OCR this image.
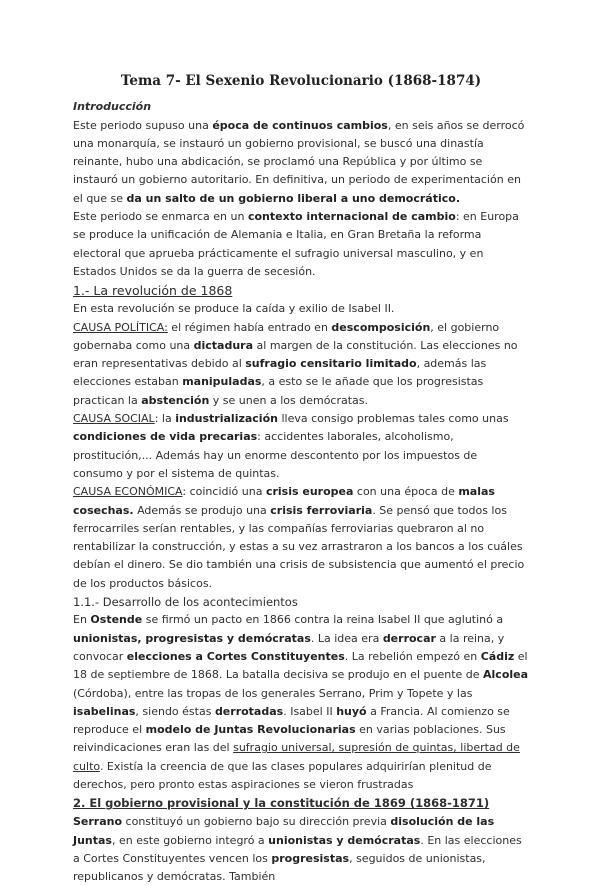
Tema 7- El Sexenio Revolucionario (1868-1874)
Introducción

Este periodo supuso una época de continuos cambios, en seis años se derrocó una monarquía, se instauró un gobierno provisional, se buscó una dinastía reinante, hubo una abdicación, se proclamó una República y por último se instauró un gobierno autoritario. En definitiva, un periodo de experimentación en el que se da un salto de un gobierno liberal a uno democrático.

Este periodo se enmarca en un contexto internacional de cambio: en Europa se produce la unificación de Alemania e Italia, en Gran Bretaña la reforma electoral que aprueba prácticamente el sufragio universal masculino, y en Estados Unidos se da la guerra de secesión.

1.- La revolución de 1868

En esta revolución se produce la caída y exilio de Isabel II.

CAUSA POLÍTICA: el régimen había entrado en descomposición, el gobierno gobernaba como una dictadura al margen de la constitución. Las elecciones no eran representativas debido al sufragio censitario limitado, además las elecciones estaban manipuladas, a esto se le añade que los progresistas practican la abstención y se unen a los demócratas.

CAUSA SOCIAL: la industrialización lleva consigo problemas tales como unas condiciones de vida precarias: accidentes laborales, alcoholismo, prostitución,... Además hay un enorme descontento por los impuestos de consumo y por el sistema de quintas.

CAUSA ECONÓMICA: coincidió una crisis europea con una época de malas cosechas. Además se produjo una crisis ferroviaria. Se pensó que todos los ferrocarriles serían rentables, y las compañías ferroviarias quebraron al no rentabilizar la construcción, y estas a su vez arrastraron a los bancos a los cuáles debían el dinero. Se dio también una crisis de subsistencia que aumentó el precio de los productos básicos.

1.1.- Desarrollo de los acontecimientos

En Ostende se firmó un pacto en 1866 contra la reina Isabel II que aglutinó a unionistas, progresistas y demócratas. La idea era derrocar a la reina, y convocar elecciones a Cortes Constituyentes. La rebelión empezó en Cádiz el 18 de septiembre de 1868. La batalla decisiva se produjo en el puente de Alcolea (Córdoba), entre las tropas de los generales Serrano, Prim y Topete y las isabelinas, siendo éstas derrotadas. Isabel II huyó a Francia. Al comienzo se reproduce el modelo de Juntas Revolucionarias en varias poblaciones. Sus reivindicaciones eran las del sufragio universal, supresión de quintas, libertad de culto. Existía la creencia de que las clases populares adquirirían plenitud de derechos, pero pronto estas aspiraciones se vieron frustradas

2. El gobierno provisional y la constitución de 1869 (1868-1871)

Serrano constituyó un gobierno bajo su dirección previa disolución de las Juntas, en este gobierno integró a unionistas y demócratas. En las elecciones a Cortes Constituyentes vencen los progresistas, seguidos de unionistas, republicanos y demócratas. También
